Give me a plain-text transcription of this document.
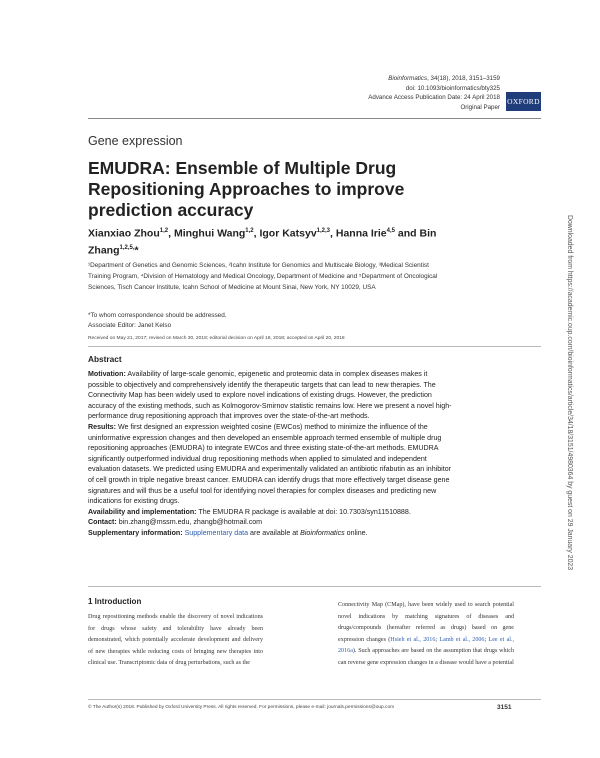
Bioinformatics, 34(18), 2018, 3151–3159
doi: 10.1093/bioinformatics/bty325
Advance Access Publication Date: 24 April 2018
Original Paper
OXFORD
Gene expression
EMUDRA: Ensemble of Multiple Drug Repositioning Approaches to improve prediction accuracy
Xianxiao Zhou$^{1,2}$, Minghui Wang$^{1,2}$, Igor Katsyv$^{1,2,3}$, Hanna Irie$^{4,5}$ and Bin Zhang$^{1,2,5,}$*
¹Department of Genetics and Genomic Sciences, ²Icahn Institute for Genomics and Multiscale Biology, ³Medical Scientist Training Program, ⁴Division of Hematology and Medical Oncology, Department of Medicine and ⁵Department of Oncological Sciences, Tisch Cancer Institute, Icahn School of Medicine at Mount Sinai, New York, NY 10029, USA
*To whom correspondence should be addressed.
Associate Editor: Janet Kelso
Received on May 21, 2017; revised on March 30, 2018; editorial decision on April 18, 2018; accepted on April 20, 2018
Abstract

Motivation: Availability of large-scale genomic, epigenetic and proteomic data in complex diseases makes it possible to objectively and comprehensively identify the therapeutic targets that can lead to new therapies. The Connectivity Map has been widely used to explore novel indications of existing drugs. However, the prediction accuracy of the existing methods, such as Kolmogorov-Smirnov statistic remains low. Here we present a novel high-performance drug repositioning approach that improves over the state-of-the-art methods.

Results: We first designed an expression weighted cosine (EWCos) method to minimize the influence of the uninformative expression changes and then developed an ensemble approach termed ensemble of multiple drug repositioning approaches (EMUDRA) to integrate EWCos and three existing state-of-the-art methods. EMUDRA significantly outperformed individual drug repositioning methods when applied to simulated and independent evaluation datasets. We predicted using EMUDRA and experimentally validated an antibiotic rifabutin as an inhibitor of cell growth in triple negative breast cancer. EMUDRA can identify drugs that more effectively target disease gene signatures and will thus be a useful tool for identifying novel therapies for complex diseases and predicting new indications for existing drugs.

Availability and implementation: The EMUDRA R package is available at doi: 10.7303/syn11510888.

Contact: bin.zhang@mssm.edu, zhangb@hotmail.com

Supplementary information: Supplementary data are available at Bioinformatics online.

1 Introduction
Drug repositioning methods enable the discovery of novel indications for drugs whose safety and tolerability have already been demonstrated, which potentially accelerate development and delivery of new therapies while reducing costs of bringing new therapies into clinical use. Transcriptomic data of drug perturbations, such as the
Connectivity Map (CMap), have been widely used to search potential novel indications by matching signatures of diseases and drugs/compounds (hereafter referred as drugs) based on gene expression changes (Hsieh et al., 2016; Lamb et al., 2006; Lee et al., 2016a). Such approaches are based on the assumption that drugs which can reverse gene expression changes in a disease would have a potential
© The Author(s) 2018. Published by Oxford University Press. All rights reserved. For permissions, please e-mail: journals.permissions@oup.com	3151
Downloaded from https://academic.oup.com/bioinformatics/article/34/18/3151/4980364 by guest on 29 January 2023
